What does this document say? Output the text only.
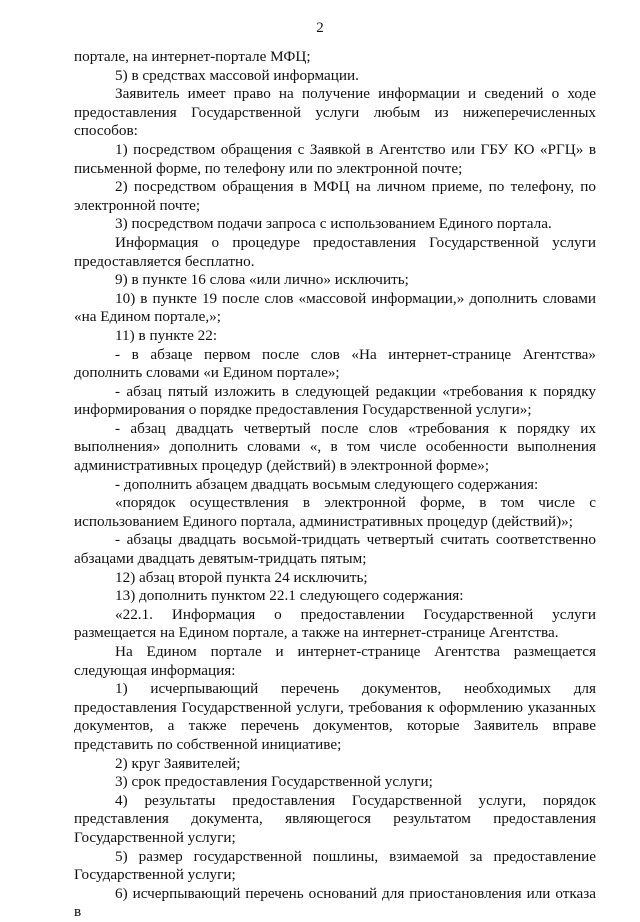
2

портале, на интернет-портале МФЦ;

5) в средствах массовой информации.

Заявитель имеет право на получение информации и сведений о ходе предоставления Государственной услуги любым из нижеперечисленных способов:

1) посредством обращения с Заявкой в Агентство или ГБУ КО «РГЦ» в письменной форме, по телефону или по электронной почте;

2) посредством обращения в МФЦ на личном приеме, по телефону, по электронной почте;

3) посредством подачи запроса с использованием Единого портала.

Информация о процедуре предоставления Государственной услуги предоставляется бесплатно.

9) в пункте 16 слова «или лично» исключить;

10) в пункте 19 после слов «массовой информации,» дополнить словами «на Едином портале,»;

11) в пункте 22:

- в абзаце первом после слов «На интернет-странице Агентства» дополнить словами «и Едином портале»;

- абзац пятый изложить в следующей редакции «требования к порядку информирования о порядке предоставления Государственной услуги»;

- абзац двадцать четвертый после слов «требования к порядку их выполнения» дополнить словами «, в том числе особенности выполнения административных процедур (действий) в электронной форме»;

- дополнить абзацем двадцать восьмым следующего содержания:

«порядок осуществления в электронной форме, в том числе с использованием Единого портала, административных процедур (действий)»;

- абзацы двадцать восьмой-тридцать четвертый считать соответственно абзацами двадцать девятым-тридцать пятым;

12) абзац второй пункта 24 исключить;

13) дополнить пунктом 22.1 следующего содержания:

«22.1. Информация о предоставлении Государственной услуги размещается на Едином портале, а также на интернет-странице Агентства.

На Едином портале и интернет-странице Агентства размещается следующая информация:

1) исчерпывающий перечень документов, необходимых для предоставления Государственной услуги, требования к оформлению указанных документов, а также перечень документов, которые Заявитель вправе представить по собственной инициативе;

2) круг Заявителей;

3) срок предоставления Государственной услуги;

4) результаты предоставления Государственной услуги, порядок представления документа, являющегося результатом предоставления Государственной услуги;

5) размер государственной пошлины, взимаемой за предоставление Государственной услуги;

6) исчерпывающий перечень оснований для приостановления или отказа в
